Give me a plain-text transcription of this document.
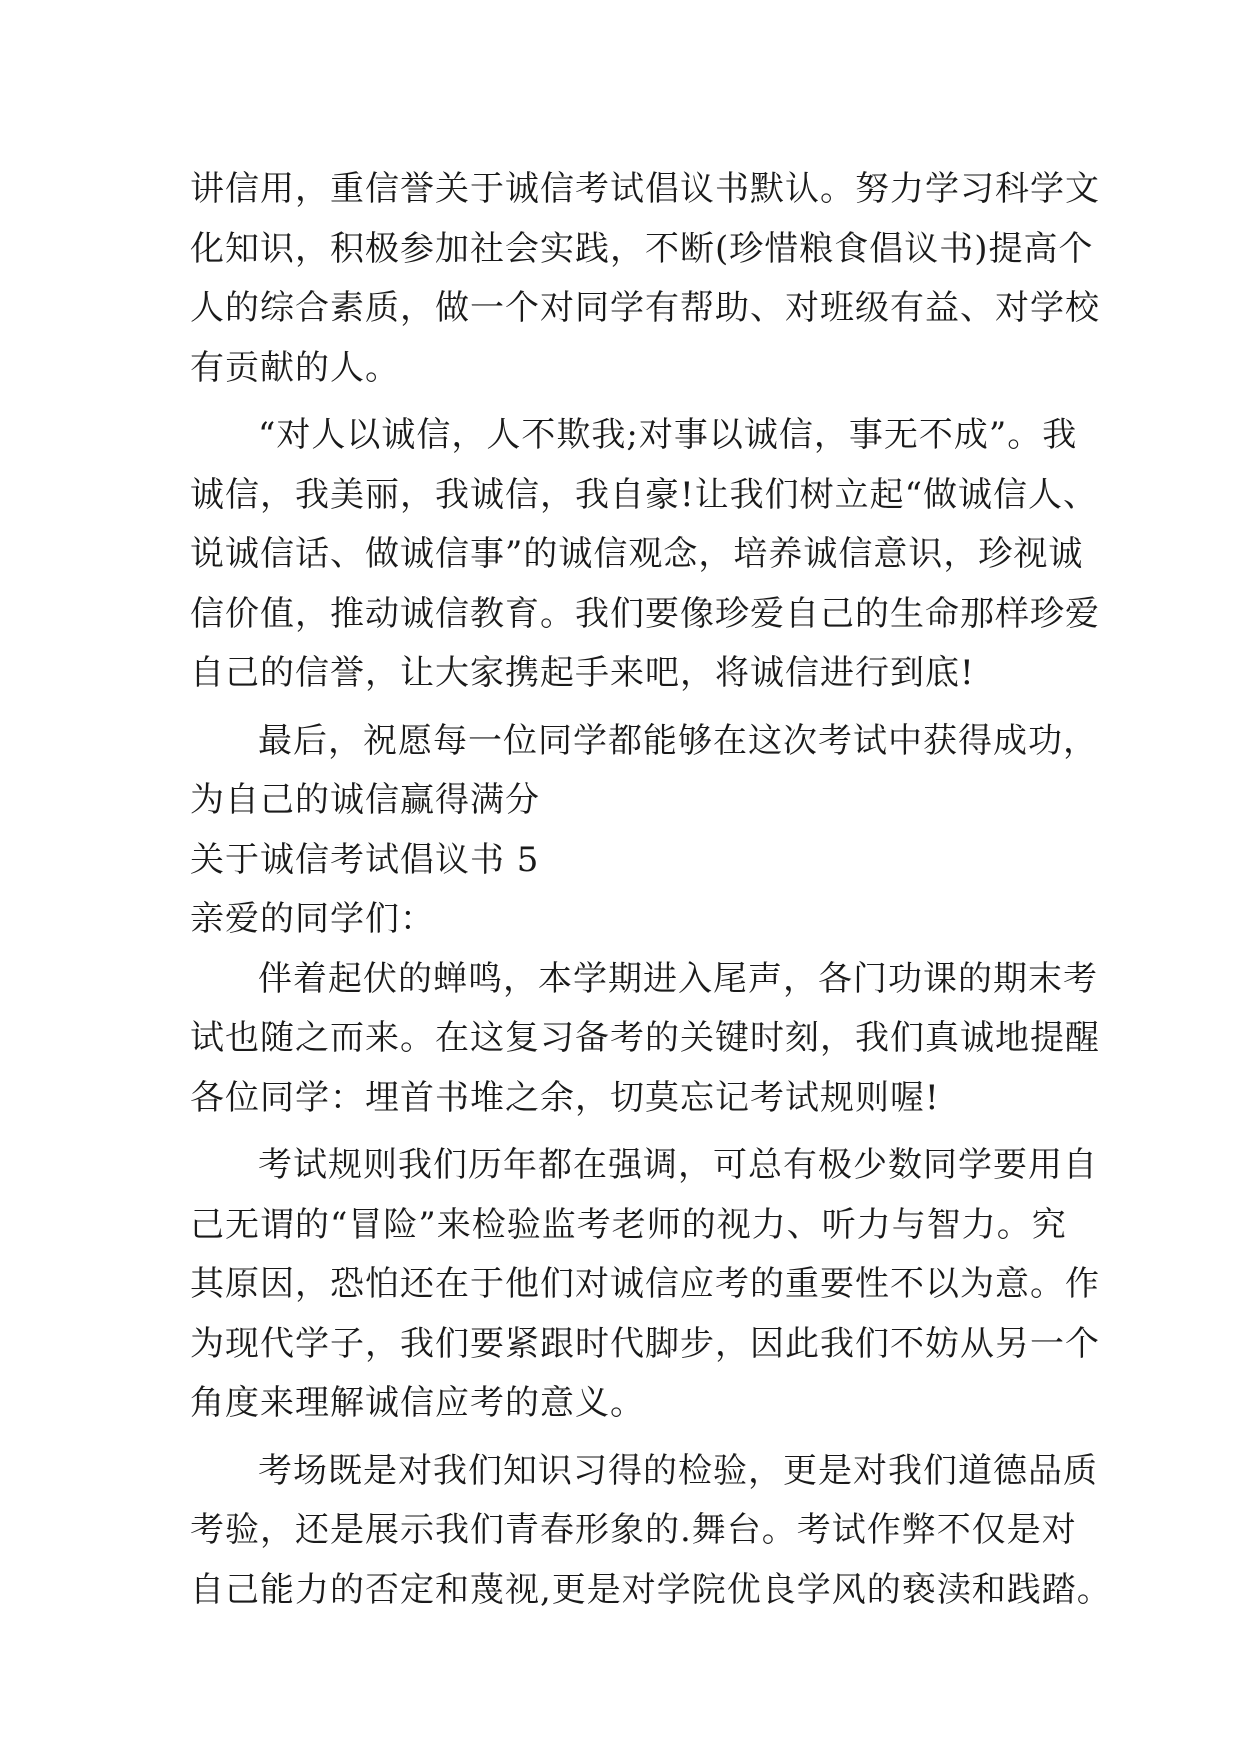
讲信用，重信誉关于诚信考试倡议书默认。努力学习科学文
化知识，积极参加社会实践，不断(珍惜粮食倡议书)提高个
人的综合素质，做一个对同学有帮助、对班级有益、对学校
有贡献的人。
“对人以诚信，人不欺我;对事以诚信，事无不成”。我
诚信，我美丽，我诚信，我自豪!让我们树立起“做诚信人、
说诚信话、做诚信事”的诚信观念，培养诚信意识，珍视诚
信价值，推动诚信教育。我们要像珍爱自己的生命那样珍爱
自己的信誉，让大家携起手来吧，将诚信进行到底!
最后，祝愿每一位同学都能够在这次考试中获得成功，
为自己的诚信赢得满分
关于诚信考试倡议书 5
亲爱的同学们：
伴着起伏的蝉鸣，本学期进入尾声，各门功课的期末考
试也随之而来。在这复习备考的关键时刻，我们真诚地提醒
各位同学：埋首书堆之余，切莫忘记考试规则喔!
考试规则我们历年都在强调，可总有极少数同学要用自
己无谓的“冒险”来检验监考老师的视力、听力与智力。究
其原因，恐怕还在于他们对诚信应考的重要性不以为意。作
为现代学子，我们要紧跟时代脚步，因此我们不妨从另一个
角度来理解诚信应考的意义。
考场既是对我们知识习得的检验，更是对我们道德品质
考验，还是展示我们青春形象的.舞台。考试作弊不仅是对
自己能力的否定和蔑视,更是对学院优良学风的亵渎和践踏。
